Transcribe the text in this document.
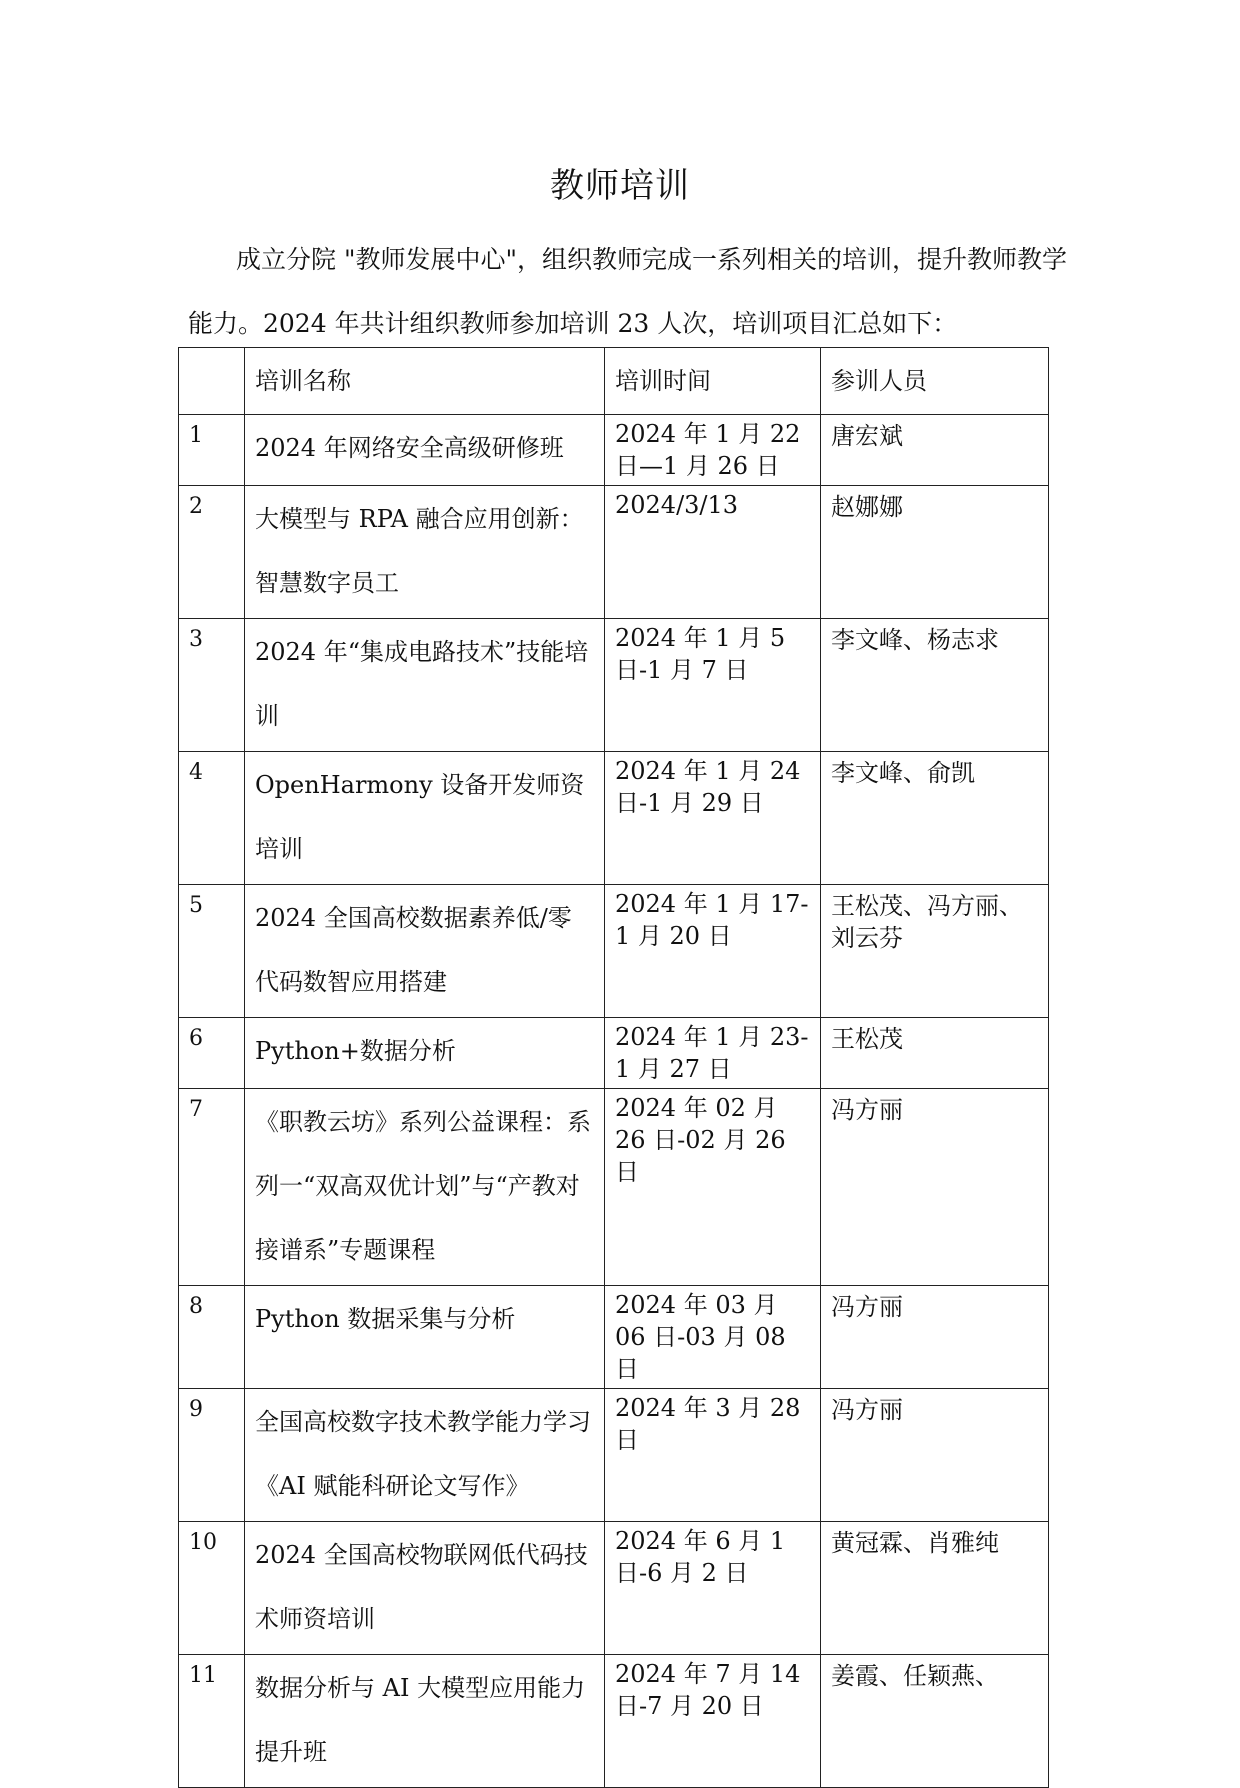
教师培训

成立分院 "教师发展中心"，组织教师完成一系列相关的培训，提升教师教学能力。2024 年共计组织教师参加培训 23 人次，培训项目汇总如下：

	培训名称	培训时间	参训人员
1	2024 年网络安全高级研修班	2024 年 1 月 22 日—1 月 26 日	唐宏斌

2	大模型与 RPA 融合应用创新：智慧数字员工	2024/3/13	赵娜娜

3	2024 年“集成电路技术”技能培训	2024 年 1 月 5 日-1 月 7 日	李文峰、杨志求

4	OpenHarmony 设备开发师资培训	2024 年 1 月 24 日-1 月 29 日	李文峰、俞凯

5	2024 全国高校数据素养低/零代码数智应用搭建	2024 年 1 月 17-1 月 20 日	王松茂、冯方丽、刘云芬

6	Python+数据分析	2024 年 1 月 23-1 月 27 日	王松茂

7	《职教云坊》系列公益课程：系列一“双高双优计划”与“产教对接谱系”专题课程	2024 年 02 月 26 日-02 月 26 日	冯方丽

8	Python 数据采集与分析	2024 年 03 月 06 日-03 月 08 日	冯方丽

9	全国高校数字技术教学能力学习《AI 赋能科研论文写作》	2024 年 3 月 28 日	冯方丽

10	2024 全国高校物联网低代码技术师资培训	2024 年 6 月 1 日-6 月 2 日	黄冠霖、肖雅纯

11	数据分析与 AI 大模型应用能力提升班	2024 年 7 月 14 日-7 月 20 日	姜霞、任颖燕、
